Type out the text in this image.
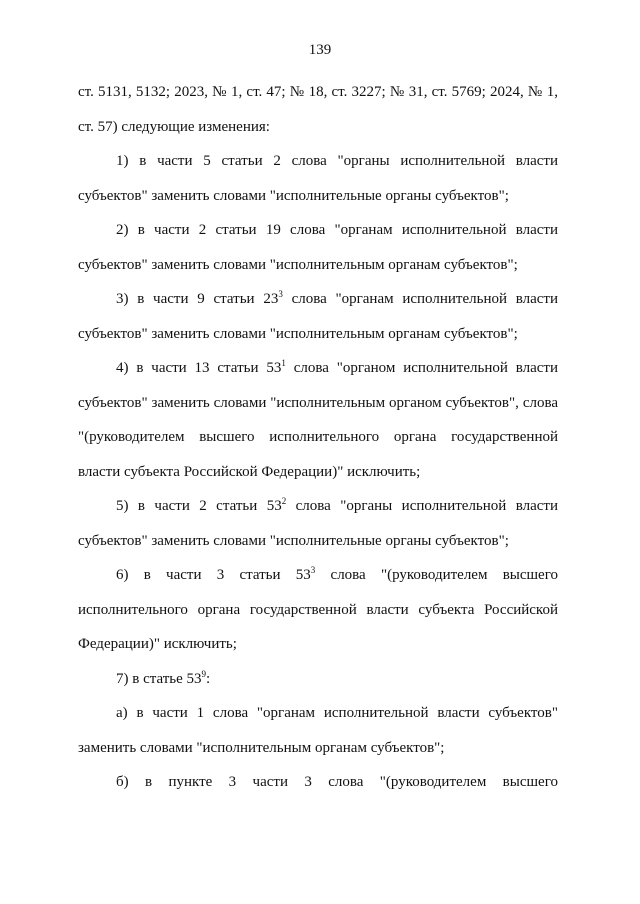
139
ст. 5131, 5132; 2023, № 1, ст. 47; № 18, ст. 3227; № 31, ст. 5769; 2024, № 1,
ст. 57) следующие изменения:
1) в части 5 статьи 2 слова "органы исполнительной власти
субъектов" заменить словами "исполнительные органы субъектов";
2) в части 2 статьи 19 слова "органам исполнительной власти
субъектов" заменить словами "исполнительным органам субъектов";
3) в части 9 статьи $23^3$ слова "органам исполнительной власти
субъектов" заменить словами "исполнительным органам субъектов";
4) в части 13 статьи $53^1$ слова "органом исполнительной власти
субъектов" заменить словами "исполнительным органом субъектов", слова
"(руководителем высшего исполнительного органа государственной
власти субъекта Российской Федерации)" исключить;
5) в части 2 статьи $53^2$ слова "органы исполнительной власти
субъектов" заменить словами "исполнительные органы субъектов";
6) в части 3 статьи $53^3$ слова "(руководителем высшего
исполнительного органа государственной власти субъекта Российской
Федерации)" исключить;
7) в статье $53^9$:
а) в части 1 слова "органам исполнительной власти субъектов"
заменить словами "исполнительным органам субъектов";
б) в пункте 3 части 3 слова "(руководителем высшего
